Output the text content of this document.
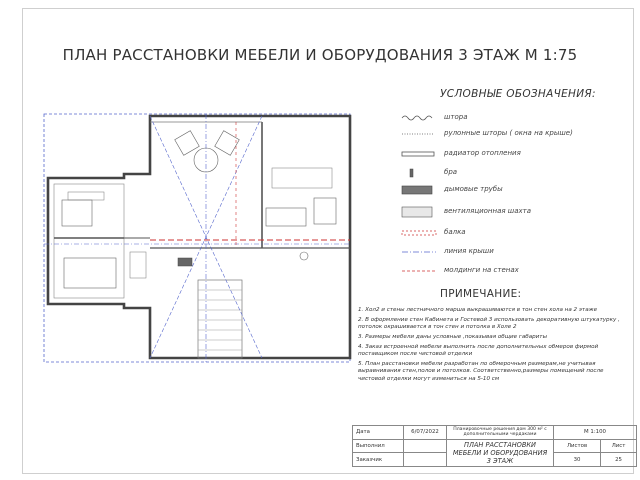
ПЛАН РАССТАНОВКИ МЕБЕЛИ И ОБОРУДОВАНИЯ 3 ЭТАЖ М 1:75
УСЛОВНЫЕ ОБОЗНАЧЕНИЯ:
штора
рулонные шторы ( окна на крыше)
радиатор отопления
бра
дымовые трубы
вентиляционная шахта
балка
линия крыши
молдинги на стенах
ПРИМЕЧАНИЕ:
1. Хол2 и стены лестничного марша выкрашиваются в тон стен хола на 2 этаже
2. В оформление стен Кабинета и Гостевой 3 использовать декоративную штукатурку , потолок окрашивается в тон стен и потолка в Холе 2
3. Размеры мебели даны условные ,показывая общие габариты
4. Заказ встроенной мебели выполнить после дополнительных обмеров фирмой поставщиком после чистовой отделки
5. План расстановки мебели разработан по обмерочным размерам,не учитывая выравнивания стен,полов и потолков. Соответственно,размеры помещений после чистовой отделки могут измениться на 5-10 см
Дата	6/07/2022	Планировочные решения дом 300 м² с дополнительными чердаками	М 1:100	
Выполнил		ПЛАН РАССТАНОВКИ МЕБЕЛИ И ОБОРУДОВАНИЯ 3 ЭТАЖ	Листов	Лист
Заказчик			30	25
